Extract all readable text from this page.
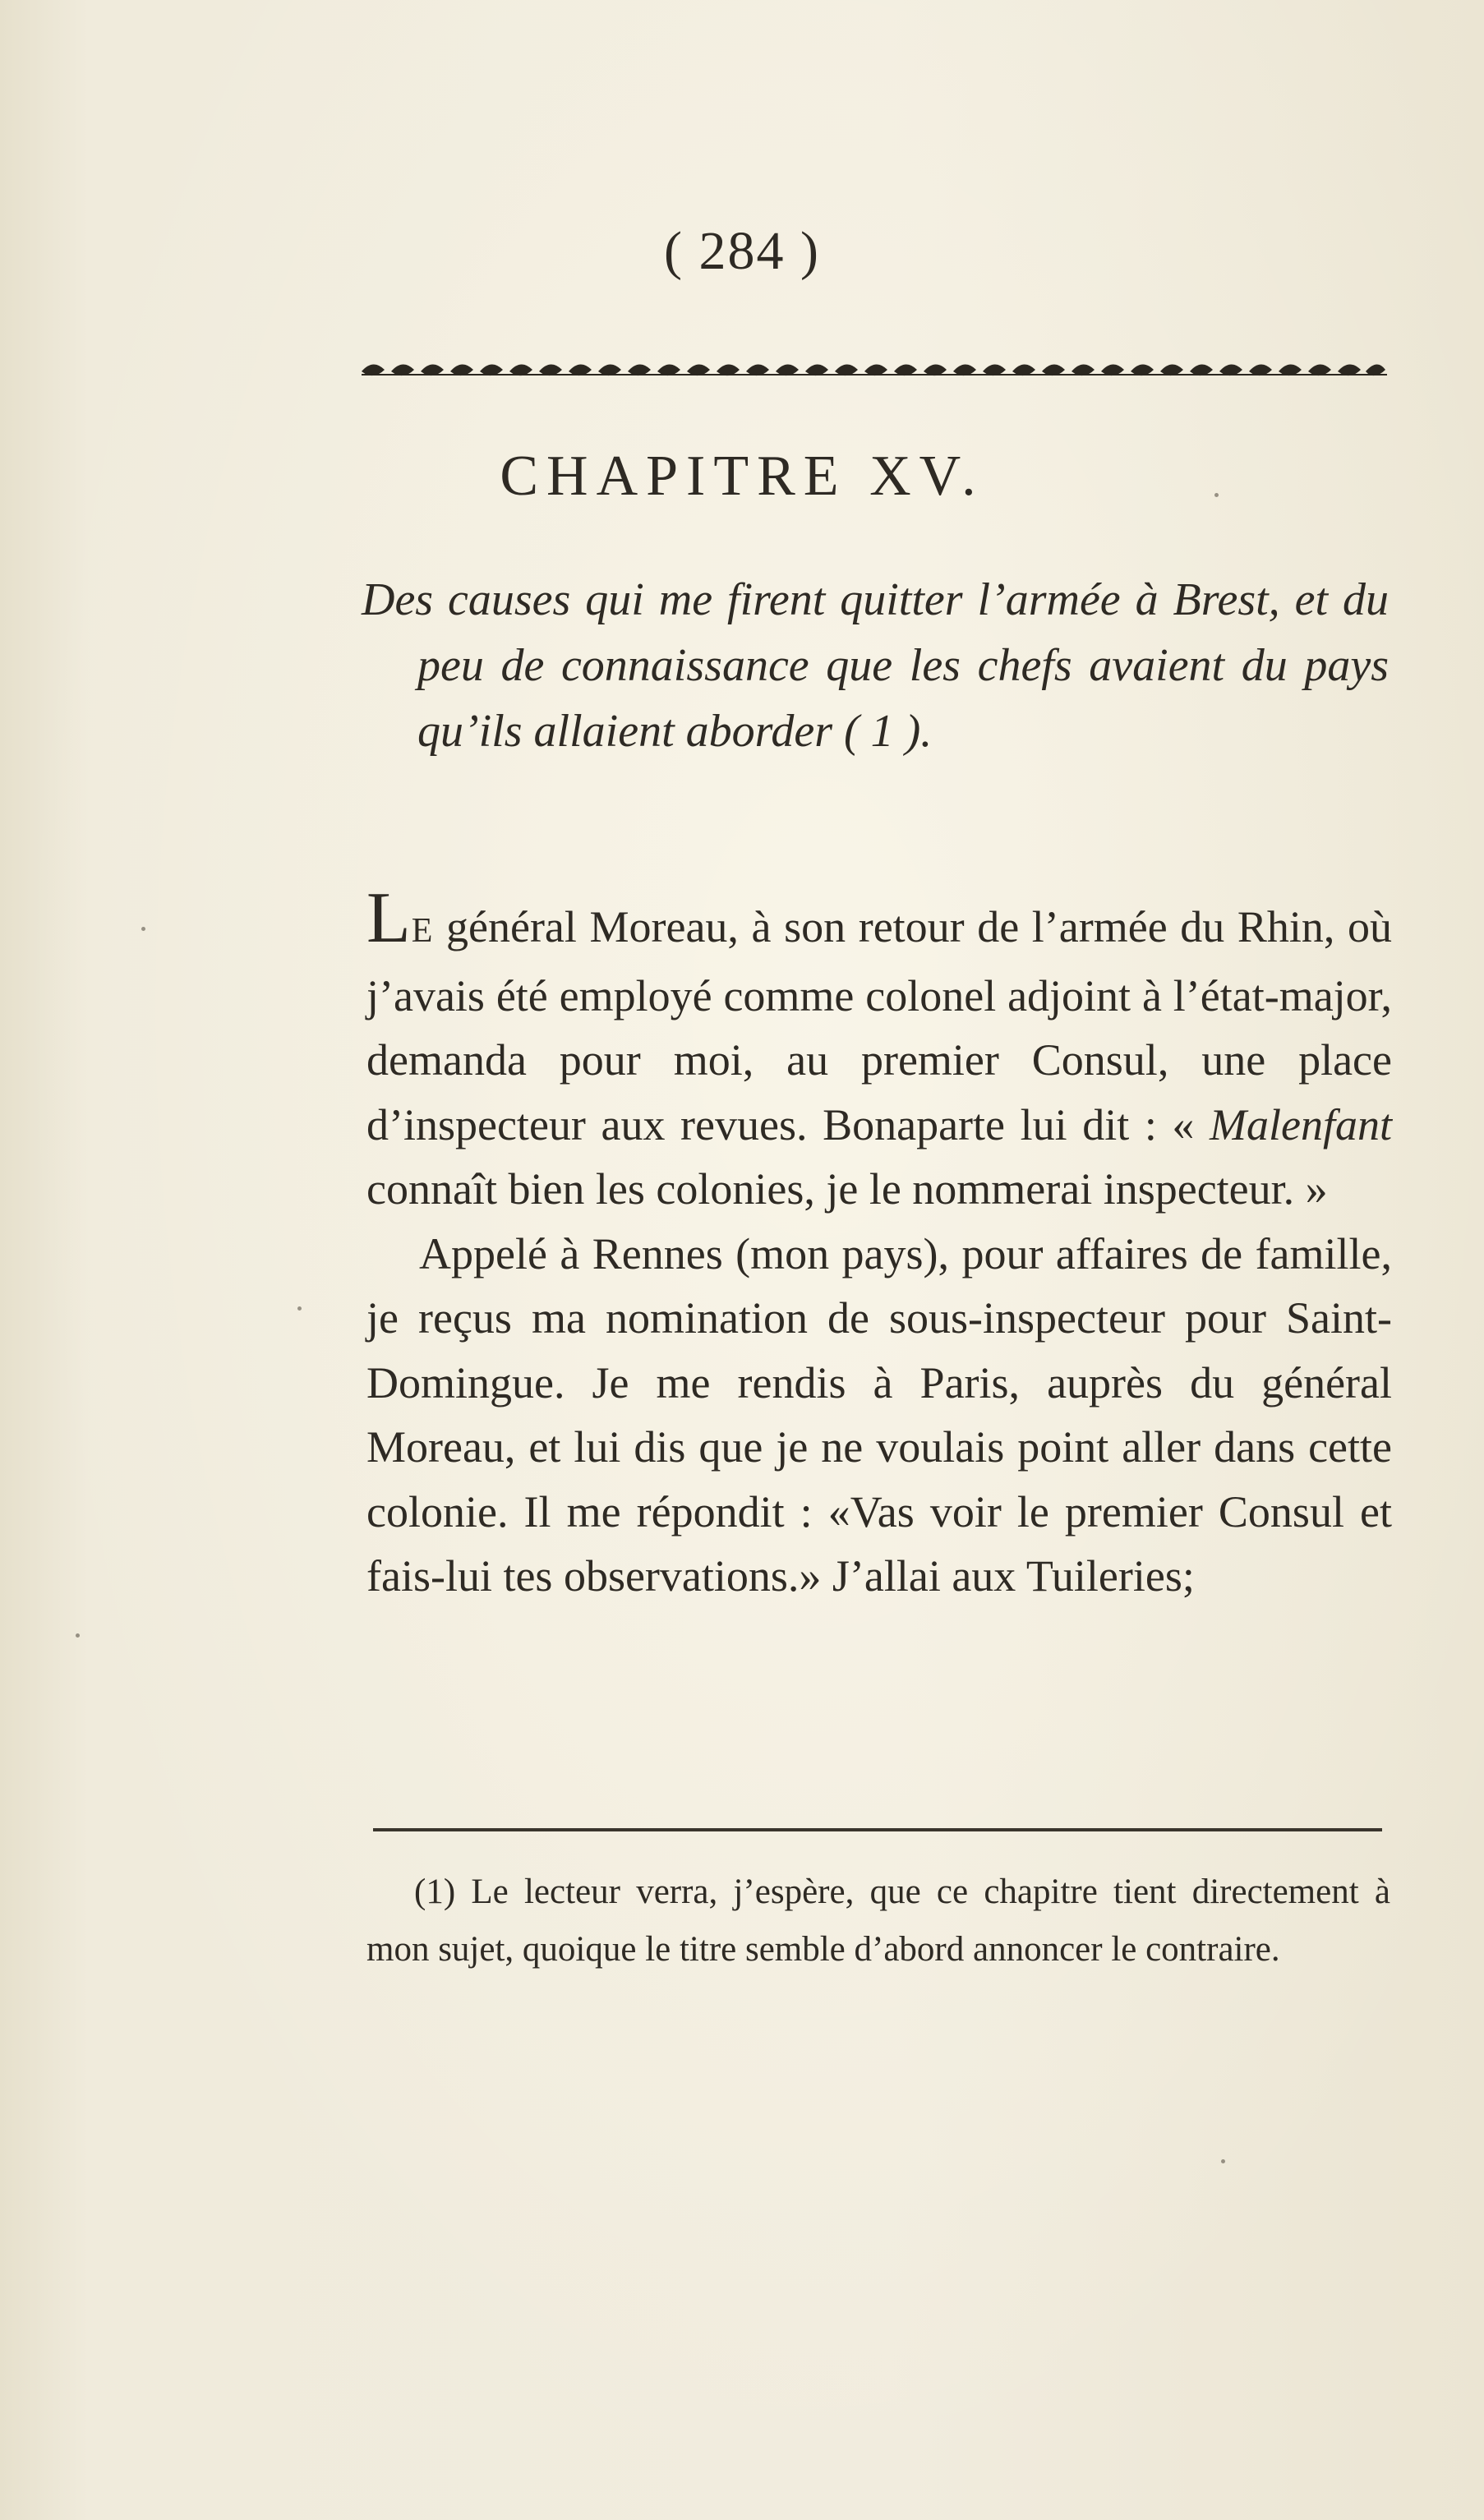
( 284 )
CHAPITRE XV.
Des causes qui me firent quitter l’armée à Brest, et du peu de connaissance que les chefs avaient du pays qu’ils allaient aborder ( 1 ).

LE général Moreau, à son retour de l’armée du Rhin, où j’avais été employé comme colonel adjoint à l’état-major, demanda pour moi, au premier Consul, une place d’inspecteur aux revues. Bonaparte lui dit : « Malenfant connaît bien les colonies, je le nommerai inspecteur. »

Appelé à Rennes (mon pays), pour affaires de famille, je reçus ma nomination de sous-inspecteur pour Saint-Domingue. Je me rendis à Paris, auprès du général Moreau, et lui dis que je ne voulais point aller dans cette colonie. Il me répondit : «Vas voir le premier Consul et fais-lui tes observations.» J’allai aux Tuileries;

(1) Le lecteur verra, j’espère, que ce chapitre tient directement à mon sujet, quoique le titre semble d’abord annoncer le contraire.
